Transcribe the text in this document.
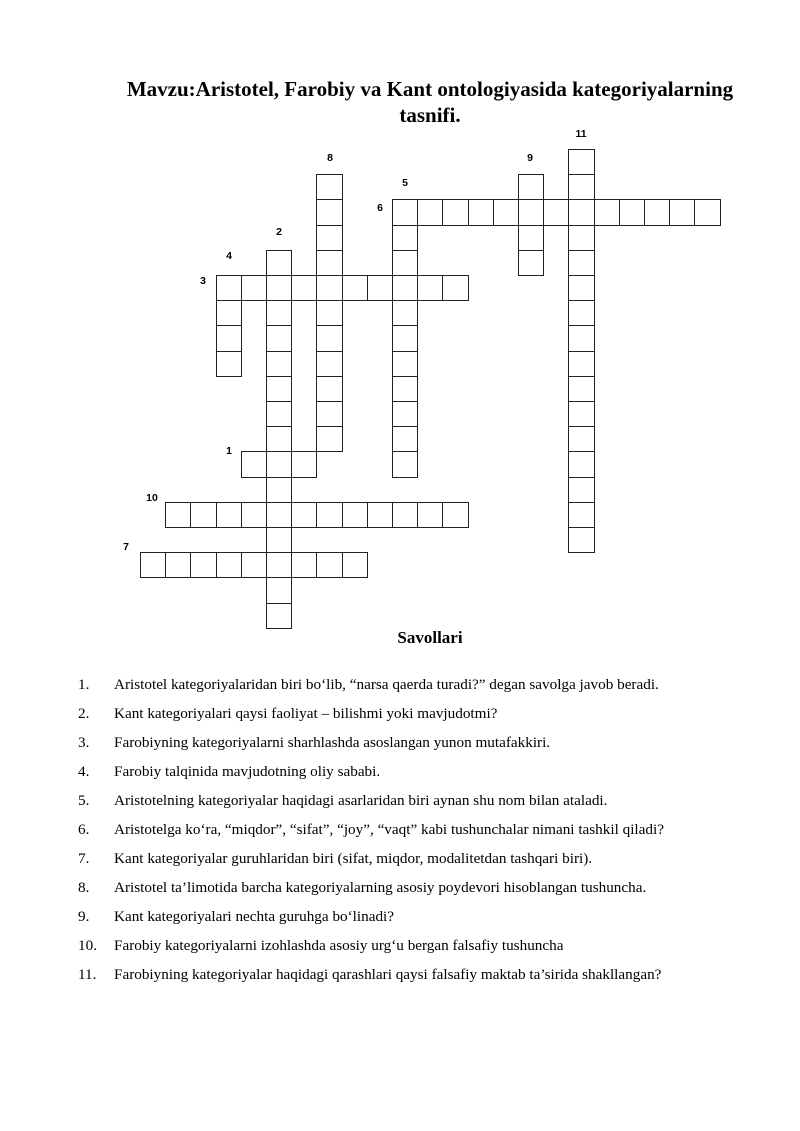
Mavzu:Aristotel, Farobiy va Kant ontologiyasida kategoriyalarning tasnifi.
1
2
3
4
5
6
7
8	9
10
11
Savollari
1.	Aristotel kategoriyalaridan biri bo‘lib, “narsa qaerda turadi?” degan savolga javob beradi.
2.	Kant kategoriyalari qaysi faoliyat – bilishmi yoki mavjudotmi?
3.	Farobiyning kategoriyalarni sharhlashda asoslangan yunon mutafakkiri.
4.	Farobiy talqinida mavjudotning oliy sababi.
5.	Aristotelning kategoriyalar haqidagi asarlaridan biri aynan shu nom bilan ataladi.
6.	Aristotelga ko‘ra, “miqdor”, “sifat”, “joy”, “vaqt” kabi tushunchalar nimani tashkil qiladi?
7.	Kant kategoriyalar guruhlaridan biri (sifat, miqdor, modalitetdan tashqari biri).
8.	Aristotel ta’limotida barcha kategoriyalarning asosiy poydevori hisoblangan tushuncha.
9.	Kant kategoriyalari nechta guruhga bo‘linadi?
10.	Farobiy kategoriyalarni izohlashda asosiy urg‘u bergan falsafiy tushuncha
11.	Farobiyning kategoriyalar haqidagi qarashlari qaysi falsafiy maktab ta’sirida shakllangan?
